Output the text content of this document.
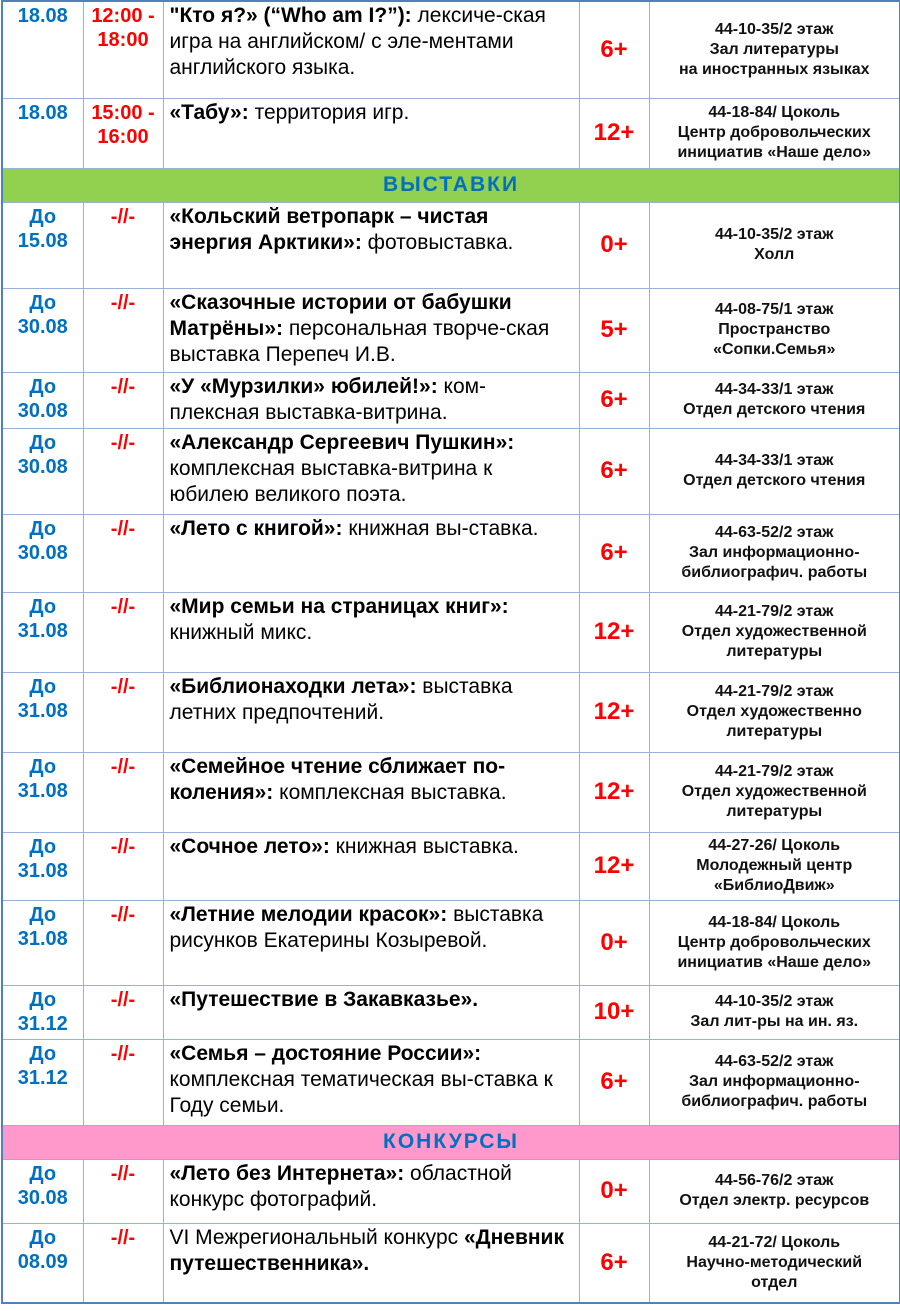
18.08	12:00 -
18:00	"Кто я?» (“Who am I?”): лексиче-ская игра на английском/ с эле-ментами английского языка.	6+	44-10-35/2 этаж
Зал литературы
на иностранных языках

18.08	15:00 -
16:00	«Табу»: территория игр.	12+	44-18-84/ Цоколь
Центр добровольческих
инициатив «Наше дело»

ВЫСТАВКИ				

До
15.08	-//-	«Кольский ветропарк – чистая энергия Арктики»: фотовыставка.	0+	44-10-35/2 этаж
Холл

До
30.08	-//-	«Сказочные истории от бабушки Матрёны»: персональная творче-ская выставка Перепеч И.В.	5+	44-08-75/1 этаж
Пространство
«Сопки.Семья»

До
30.08	-//-	«У «Мурзилки» юбилей!»: ком-плексная выставка-витрина.	6+	44-34-33/1 этаж
Отдел детского чтения

До
30.08	-//-	«Александр Сергеевич Пушкин»: комплексная выставка-витрина к юбилею великого поэта.	6+	44-34-33/1 этаж
Отдел детского чтения

До
30.08	-//-	«Лето с книгой»: книжная вы-ставка.	6+	44-63-52/2 этаж
Зал информационно-
библиографич. работы

До
31.08	-//-	«Мир семьи на страницах книг»: книжный микс.	12+	44-21-79/2 этаж
Отдел художественной
литературы

До
31.08	-//-	«Библионаходки лета»: выставка летних предпочтений.	12+	44-21-79/2 этаж
Отдел художественно
литературы

До
31.08	-//-	«Семейное чтение сближает по-коления»: комплексная выставка.	12+	44-21-79/2 этаж
Отдел художественной
литературы

До
31.08	-//-	«Сочное лето»: книжная выставка.	12+	44-27-26/ Цоколь
Молодежный центр
«БиблиоДвиж»

До
31.08	-//-	«Летние мелодии красок»: выставка рисунков Екатерины Козыревой.	0+	44-18-84/ Цоколь
Центр добровольческих
инициатив «Наше дело»

До
31.12	-//-	«Путешествие в Закавказье».	10+	44-10-35/2 этаж
Зал лит-ры на ин. яз.

До
31.12	-//-	«Семья – достояние России»: комплексная тематическая вы-ставка к Году семьи.	6+	44-63-52/2 этаж
Зал информационно-
библиографич. работы

КОНКУРСЫ				

До
30.08	-//-	«Лето без Интернета»: областной конкурс фотографий.	0+	44-56-76/2 этаж
Отдел электр. ресурсов

До
08.09	-//-	VI Межрегиональный конкурс «Дневник путешественника».	6+	44-21-72/ Цоколь
Научно-методический
отдел
